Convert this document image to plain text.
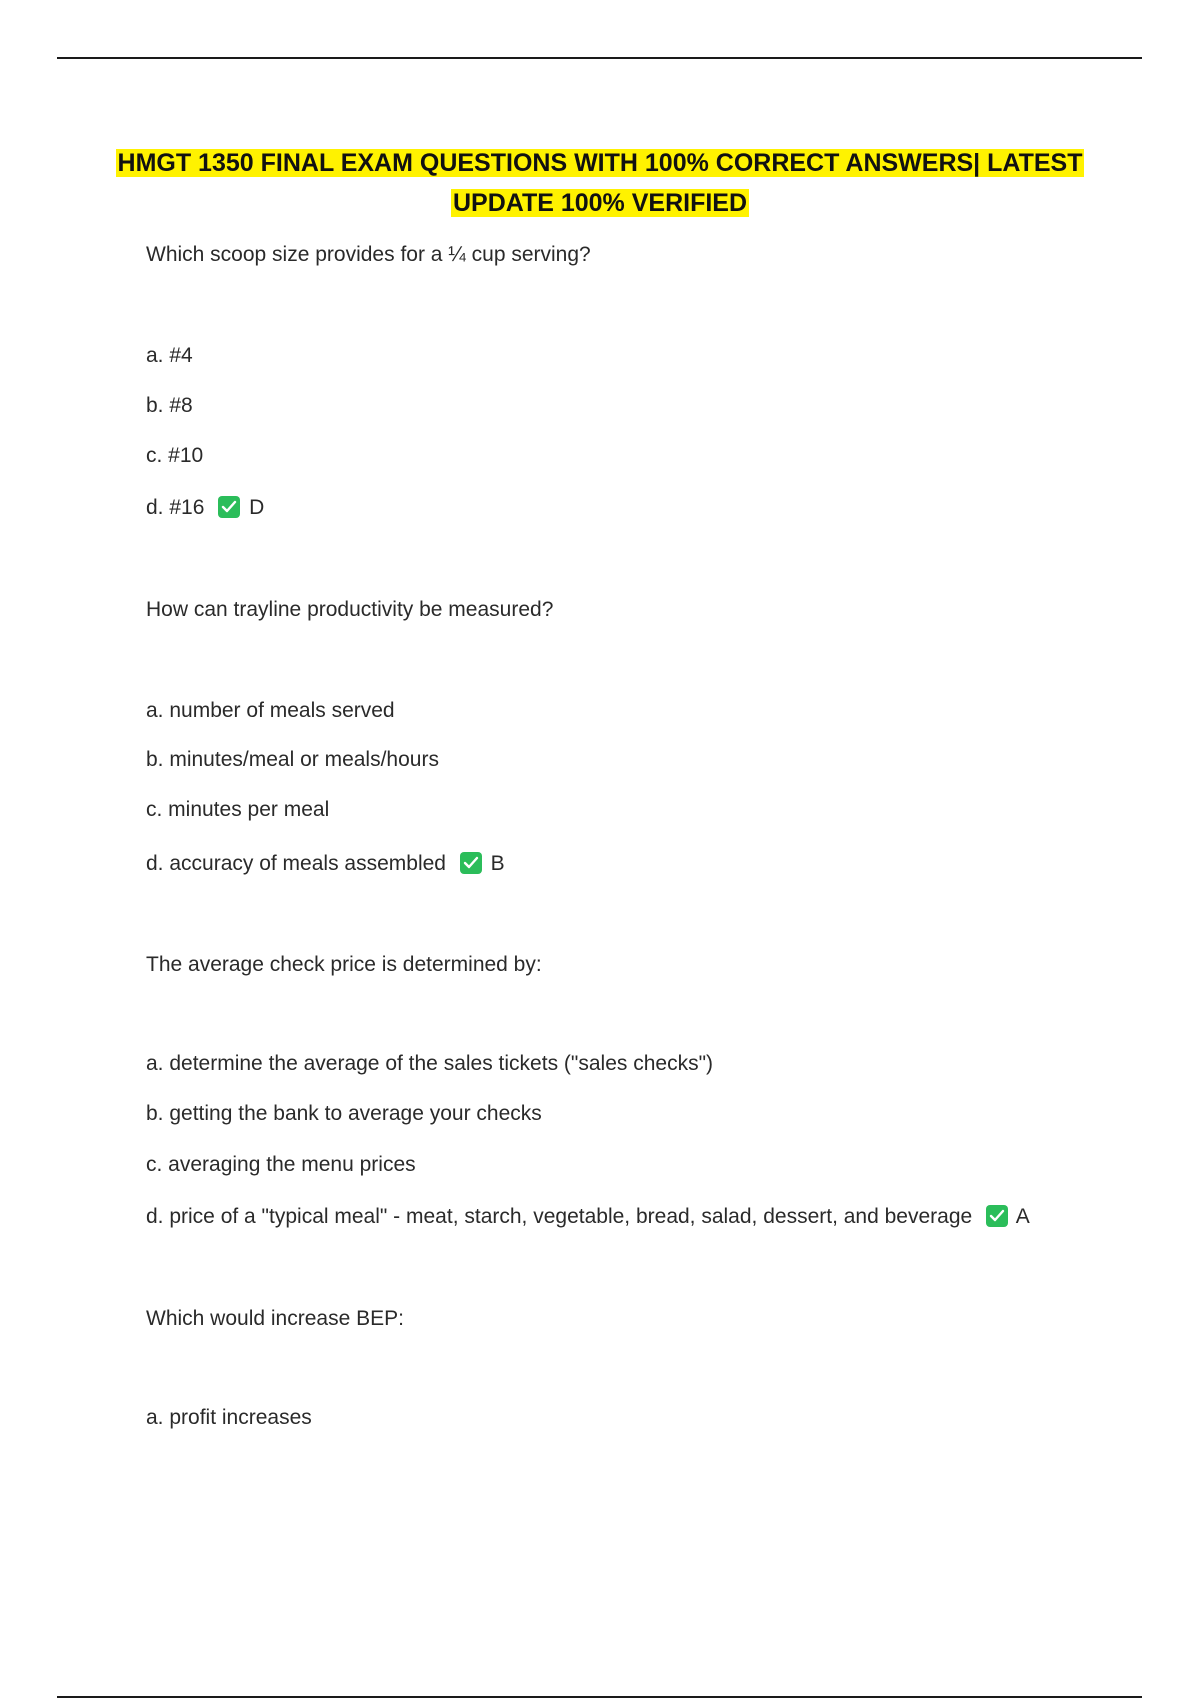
HMGT 1350 FINAL EXAM QUESTIONS WITH 100% CORRECT ANSWERS| LATEST
UPDATE 100% VERIFIED
Which scoop size provides for a ¼ cup serving?
a. #4
b. #8
c. #10
d. #16 D
How can trayline productivity be measured?
a. number of meals served
b. minutes/meal or meals/hours
c. minutes per meal
d. accuracy of meals assembled B
The average check price is determined by:
a. determine the average of the sales tickets ("sales checks")
b. getting the bank to average your checks
c. averaging the menu prices
d. price of a "typical meal" - meat, starch, vegetable, bread, salad, dessert, and beverage A
Which would increase BEP:
a. profit increases
